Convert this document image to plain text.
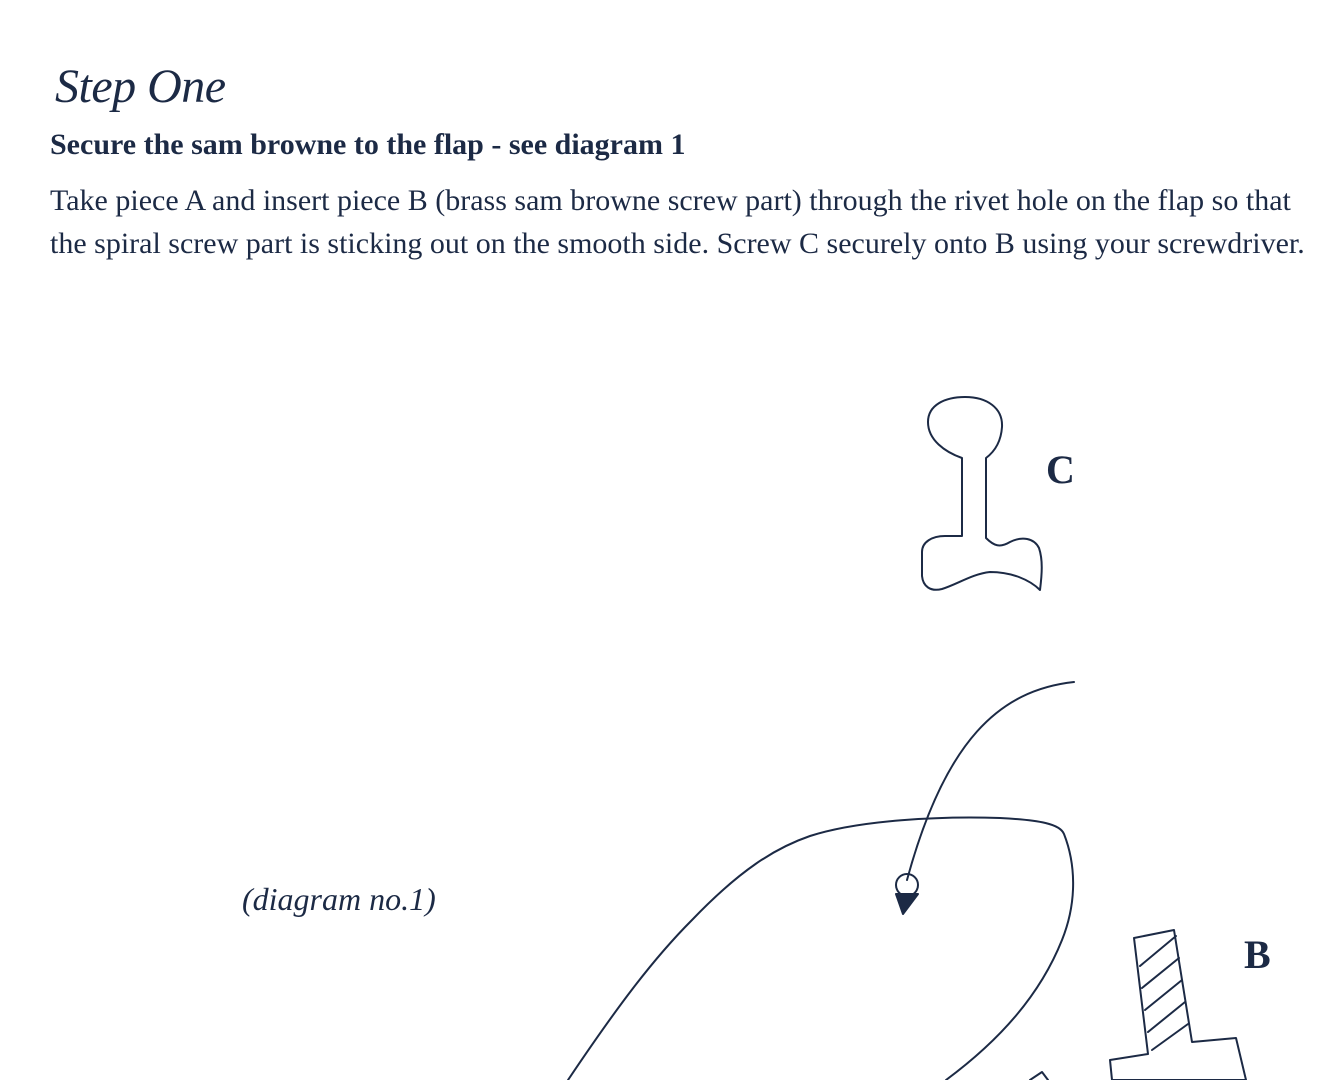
Step One
Secure the sam browne to the flap - see diagram 1

Take piece A and insert piece B (brass sam browne screw part) through the rivet hole on the flap so that the spiral screw part is sticking out on the smooth side. Screw C securely onto B using your screwdriver.

C
B
(diagram no.1)
